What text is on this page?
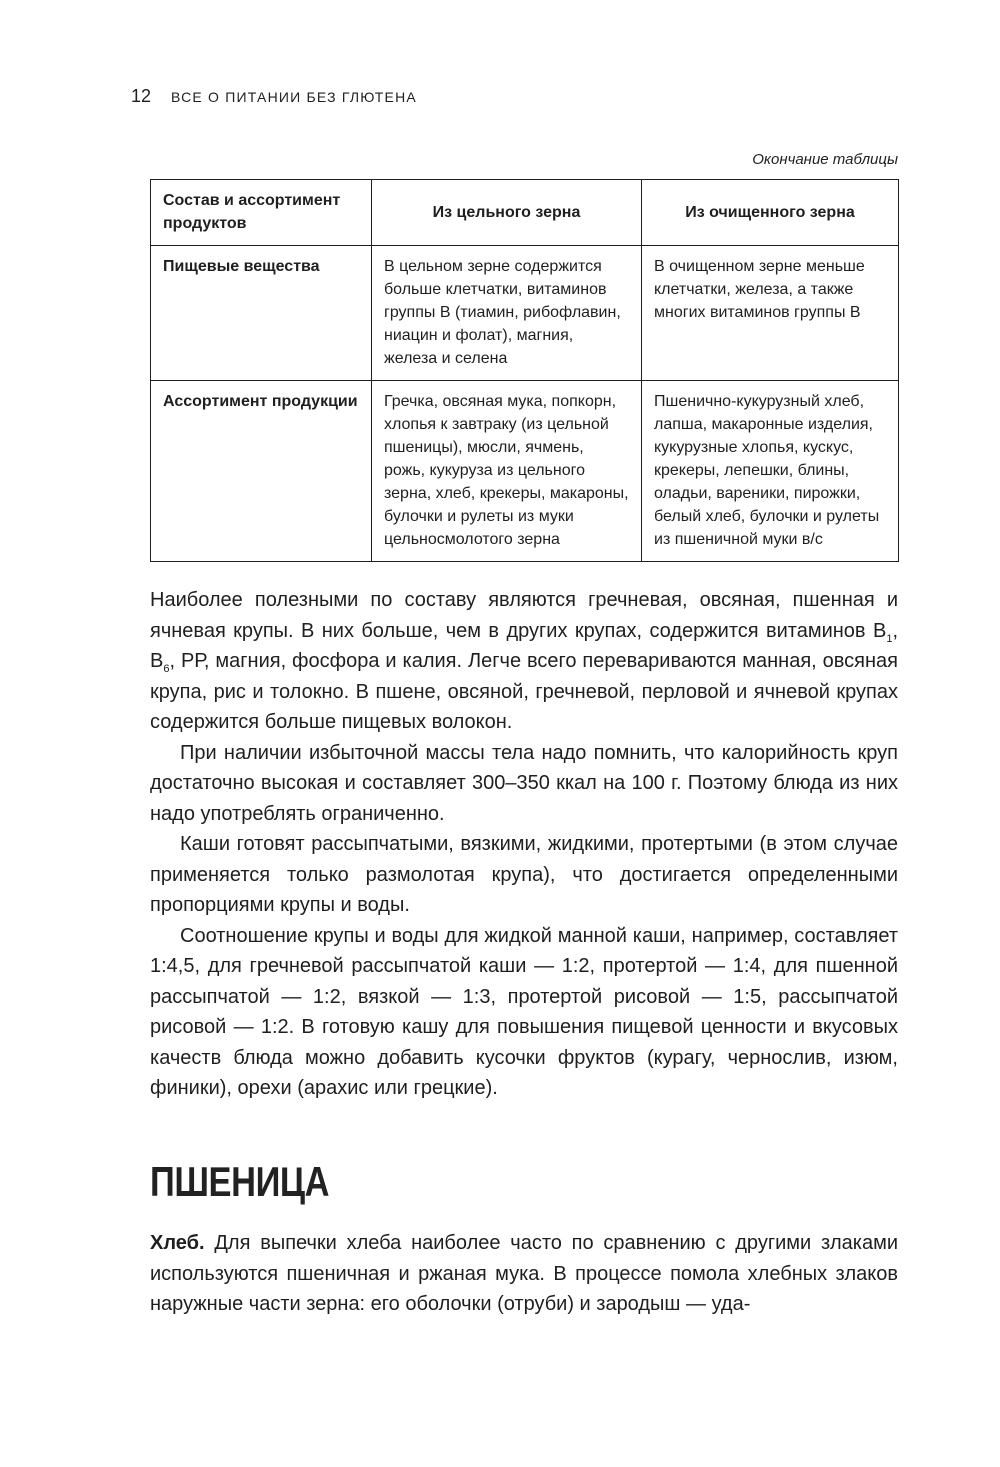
12 ВСЕ О ПИТАНИИ БЕЗ ГЛЮТЕНА
Окончание таблицы
Состав и ассортимент продуктов	Из цельного зерна	Из очищенного зерна
Пищевые вещества	В цельном зерне содержится больше клетчатки, витаминов группы В (тиамин, рибофлавин, ниацин и фолат), магния, железа и селена	В очищенном зерне меньше клетчатки, железа, а также многих витаминов группы В
Ассортимент продукции	Гречка, овсяная мука, попкорн, хлопья к завтраку (из цельной пшеницы), мюсли, ячмень, рожь, кукуруза из цельного зерна, хлеб, крекеры, макароны, булочки и рулеты из муки цельносмолотого зерна	Пшенично-кукурузный хлеб, лапша, макаронные изделия, кукурузные хлопья, кускус, крекеры, лепешки, блины, оладьи, вареники, пирожки, белый хлеб, булочки и рулеты из пшеничной муки в/с

Наиболее полезными по составу являются гречневая, овсяная, пшенная и ячневая крупы. В них больше, чем в других крупах, содержится витаминов $В_1$, $В_6$, РР, магния, фосфора и калия. Легче всего перевариваются манная, овсяная крупа, рис и толокно. В пшене, овсяной, гречневой, перловой и ячневой крупах содержится больше пищевых волокон.

При наличии избыточной массы тела надо помнить, что калорийность круп достаточно высокая и составляет 300–350 ккал на 100 г. Поэтому блюда из них надо употреблять ограниченно.

Каши готовят рассыпчатыми, вязкими, жидкими, протертыми (в этом случае применяется только размолотая крупа), что достигается определенными пропорциями крупы и воды.

Соотношение крупы и воды для жидкой манной каши, например, составляет 1:4,5, для гречневой рассыпчатой каши — 1:2, протертой — 1:4, для пшенной рассыпчатой — 1:2, вязкой — 1:3, протертой рисовой — 1:5, рассыпчатой рисовой — 1:2. В готовую кашу для повышения пищевой ценности и вкусовых качеств блюда можно добавить кусочки фруктов (курагу, чернослив, изюм, финики), орехи (арахис или грецкие).

ПШЕНИЦА

Хлеб. Для выпечки хлеба наиболее часто по сравнению с другими злаками используются пшеничная и ржаная мука. В процессе помола хлебных злаков наружные части зерна: его оболочки (отруби) и зародыш — уда-
